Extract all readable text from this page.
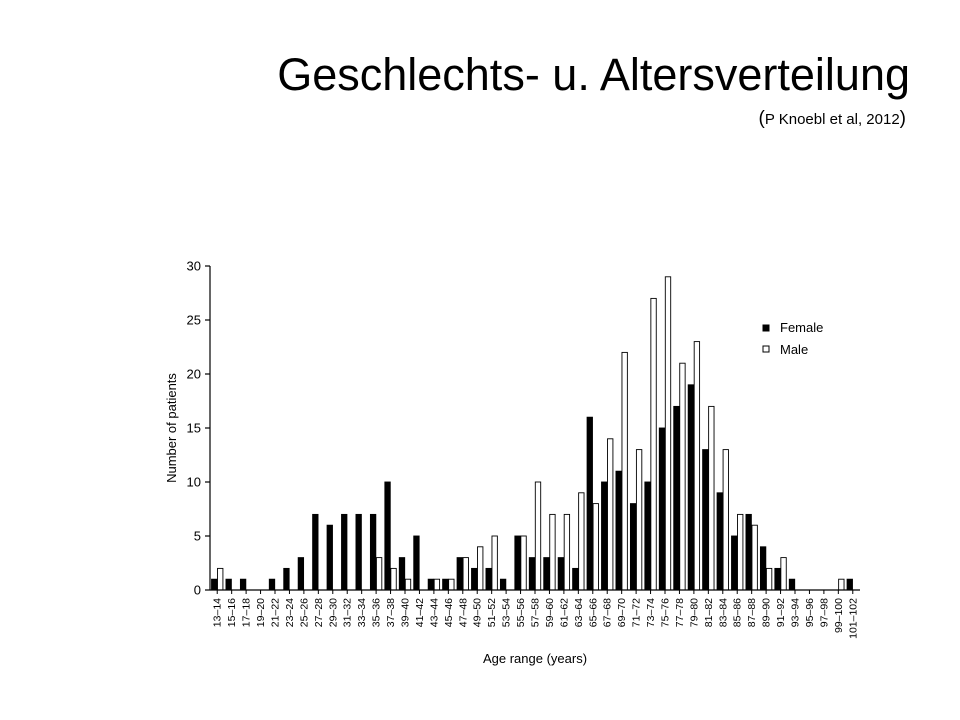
Geschlechts- u. Altersverteilung
(P Knoebl et al, 2012)
0
5
10
15
20
25
30
13–14 15–16 17–18 19–20 21–22 23–24 25–26 27–28 29–30 31–32 33–34 35–36 37–38 39–40 41–42 43–44 45–46 47–48 49–50 51–52 53–54 55–56 57–58 59–60 61–62 63–64 65–66 67–68 69–70 71–72 73–74 75–76 77–78 79–80 81–82 83–84 85–86 87–88 89–90 91–92 93–94 95–96 97–98 99–100 101–102
Number of patients
Age range (years)
Female
Male
